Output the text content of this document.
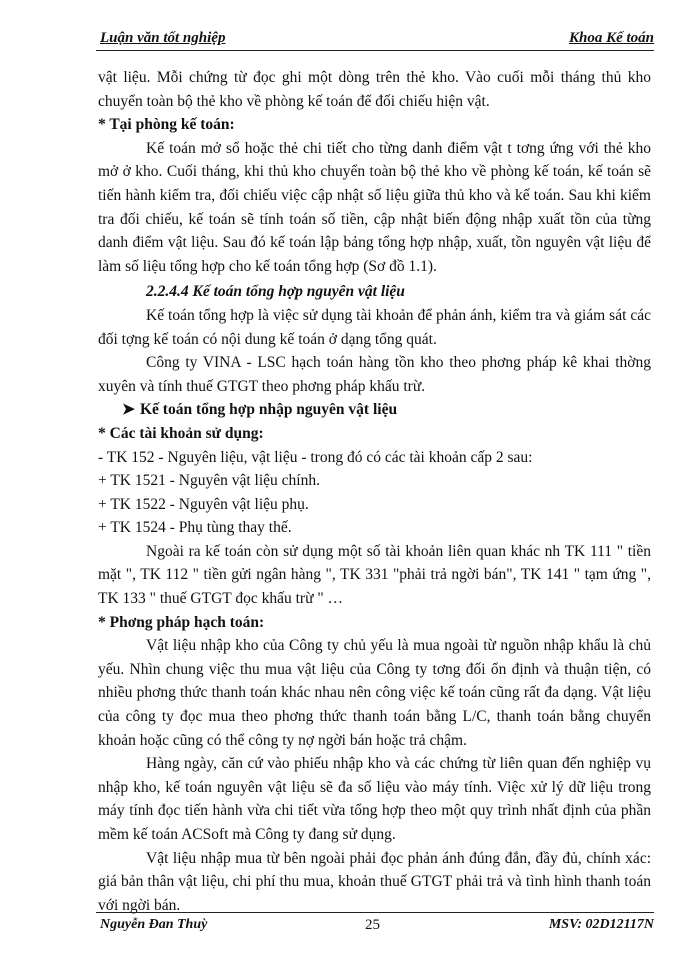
Luận văn tốt nghiệp	Khoa Kế toán

vật liệu. Mỗi chứng từ đọc ghi một dòng trên thẻ kho. Vào cuối mỗi tháng thủ kho chuyển toàn bộ thẻ kho về phòng kế toán để đối chiếu hiện vật.

* Tại phòng kế toán:

Kế toán mở sổ hoặc thẻ chi tiết cho từng danh điểm vật t tơng ứng với thẻ kho mở ở kho. Cuối tháng, khi thủ kho chuyển toàn bộ thẻ kho về phòng kế toán, kế toán sẽ tiến hành kiểm tra, đối chiếu việc cập nhật số liệu giữa thủ kho và kế toán. Sau khi kiểm tra đối chiếu, kế toán sẽ tính toán số tiền, cập nhật biến động nhập xuất tồn của từng danh điểm vật liệu. Sau đó kế toán lập bảng tổng hợp nhập, xuất, tồn nguyên vật liệu để làm số liệu tổng hợp cho kế toán tổng hợp (Sơ đồ 1.1).

2.2.4.4 Kế toán tổng hợp nguyên vật liệu

Kế toán tổng hợp là việc sử dụng tài khoản để phản ánh, kiểm tra và giám sát các đối tợng kế toán có nội dung kế toán ở dạng tổng quát.

Công ty VINA - LSC hạch toán hàng tồn kho theo phơng pháp kê khai thờng xuyên và tính thuế GTGT theo phơng pháp khấu trừ.

➤ Kế toán tổng hợp nhập nguyên vật liệu

* Các tài khoản sử dụng:

- TK 152 - Nguyên liệu, vật liệu - trong đó có các tài khoản cấp 2 sau:

+ TK 1521 - Nguyên vật liệu chính.

+ TK 1522 - Nguyên vật liệu phụ.

+ TK 1524 - Phụ tùng thay thế.

Ngoài ra kế toán còn sử dụng một số tài khoản liên quan khác nh TK 111 " tiền mặt ", TK 112 " tiền gửi ngân hàng ", TK 331 "phải trả ngời bán", TK 141 " tạm ứng ", TK 133 " thuế GTGT đọc khấu trừ " …

* Phơng pháp hạch toán:

Vật liệu nhập kho của Công ty chủ yếu là mua ngoài từ nguồn nhập khẩu là chủ yếu. Nhìn chung việc thu mua vật liệu của Công ty tơng đối ổn định và thuận tiện, có nhiều phơng thức thanh toán khác nhau nên công việc kế toán cũng rất đa dạng. Vật liệu của công ty đọc mua theo phơng thức thanh toán bằng L/C, thanh toán bằng chuyển khoản hoặc cũng có thể công ty nợ ngời bán hoặc trả chậm.

Hàng ngày, căn cứ vào phiếu nhập kho và các chứng từ liên quan đến nghiệp vụ nhập kho, kế toán nguyên vật liệu sẽ đa số liệu vào máy tính. Việc xử lý dữ liệu trong máy tính đọc tiến hành vừa chi tiết vừa tổng hợp theo một quy trình nhất định của phần mềm kế toán ACSoft mà Công ty đang sử dụng.

Vật liệu nhập mua từ bên ngoài phải đọc phản ánh đúng đắn, đầy đủ, chính xác: giá bản thân vật liệu, chi phí thu mua, khoản thuế GTGT phải trả và tình hình thanh toán với ngời bán.

Nguyễn Đan Thuỳ	25	MSV: 02D12117N
